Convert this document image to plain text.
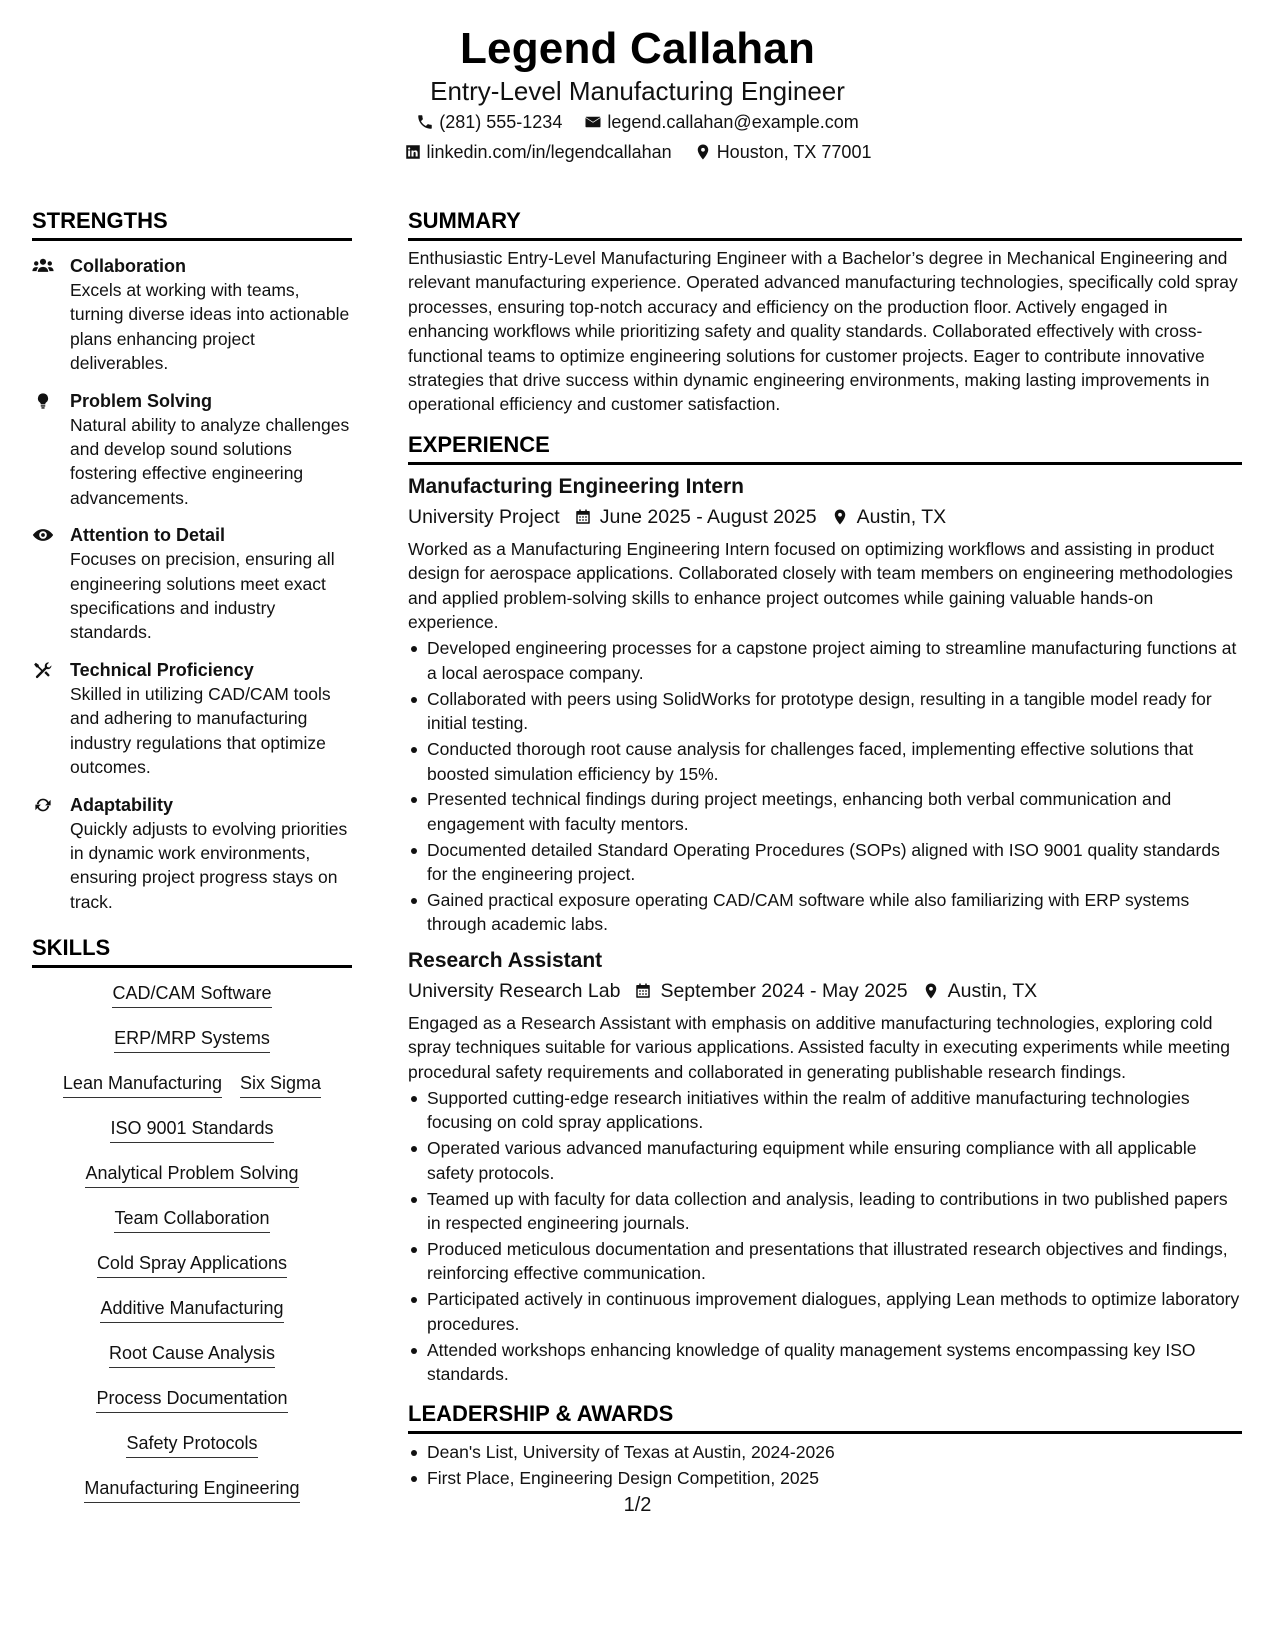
Legend Callahan
Entry-Level Manufacturing Engineer
(281) 555-1234	legend.callahan@example.com
linkedin.com/in/legendcallahan	Houston, TX 77001
STRENGTHS
Collaboration
Excels at working with teams, turning diverse ideas into actionable plans enhancing project deliverables.
Problem Solving
Natural ability to analyze challenges and develop sound solutions fostering effective engineering advancements.
Attention to Detail
Focuses on precision, ensuring all engineering solutions meet exact specifications and industry standards.
Technical Proficiency
Skilled in utilizing CAD/CAM tools and adhering to manufacturing industry regulations that optimize outcomes.
Adaptability
Quickly adjusts to evolving priorities in dynamic work environments, ensuring project progress stays on track.
SKILLS
CAD/CAM Software
ERP/MRP Systems
Lean Manufacturing Six Sigma
ISO 9001 Standards
Analytical Problem Solving
Team Collaboration
Cold Spray Applications
Additive Manufacturing
Root Cause Analysis
Process Documentation
Safety Protocols
Manufacturing Engineering
SUMMARY
Enthusiastic Entry-Level Manufacturing Engineer with a Bachelor’s degree in Mechanical Engineering and relevant manufacturing experience. Operated advanced manufacturing technologies, specifically cold spray processes, ensuring top-notch accuracy and efficiency on the production floor. Actively engaged in enhancing workflows while prioritizing safety and quality standards. Collaborated effectively with cross-functional teams to optimize engineering solutions for customer projects. Eager to contribute innovative strategies that drive success within dynamic engineering environments, making lasting improvements in operational efficiency and customer satisfaction.
EXPERIENCE
Manufacturing Engineering Intern
University Project June 2025 - August 2025 Austin, TX
Worked as a Manufacturing Engineering Intern focused on optimizing workflows and assisting in product design for aerospace applications. Collaborated closely with team members on engineering methodologies and applied problem-solving skills to enhance project outcomes while gaining valuable hands-on experience.
Developed engineering processes for a capstone project aiming to streamline manufacturing functions at a local aerospace company.
Collaborated with peers using SolidWorks for prototype design, resulting in a tangible model ready for initial testing.
Conducted thorough root cause analysis for challenges faced, implementing effective solutions that boosted simulation efficiency by 15%.
Presented technical findings during project meetings, enhancing both verbal communication and engagement with faculty mentors.
Documented detailed Standard Operating Procedures (SOPs) aligned with ISO 9001 quality standards for the engineering project.
Gained practical exposure operating CAD/CAM software while also familiarizing with ERP systems through academic labs.
Research Assistant
University Research Lab September 2024 - May 2025 Austin, TX
Engaged as a Research Assistant with emphasis on additive manufacturing technologies, exploring cold spray techniques suitable for various applications. Assisted faculty in executing experiments while meeting procedural safety requirements and collaborated in generating publishable research findings.
Supported cutting-edge research initiatives within the realm of additive manufacturing technologies focusing on cold spray applications.
Operated various advanced manufacturing equipment while ensuring compliance with all applicable safety protocols.
Teamed up with faculty for data collection and analysis, leading to contributions in two published papers in respected engineering journals.
Produced meticulous documentation and presentations that illustrated research objectives and findings, reinforcing effective communication.
Participated actively in continuous improvement dialogues, applying Lean methods to optimize laboratory procedures.
Attended workshops enhancing knowledge of quality management systems encompassing key ISO standards.
LEADERSHIP & AWARDS
Dean's List, University of Texas at Austin, 2024-2026
First Place, Engineering Design Competition, 2025
1/2
